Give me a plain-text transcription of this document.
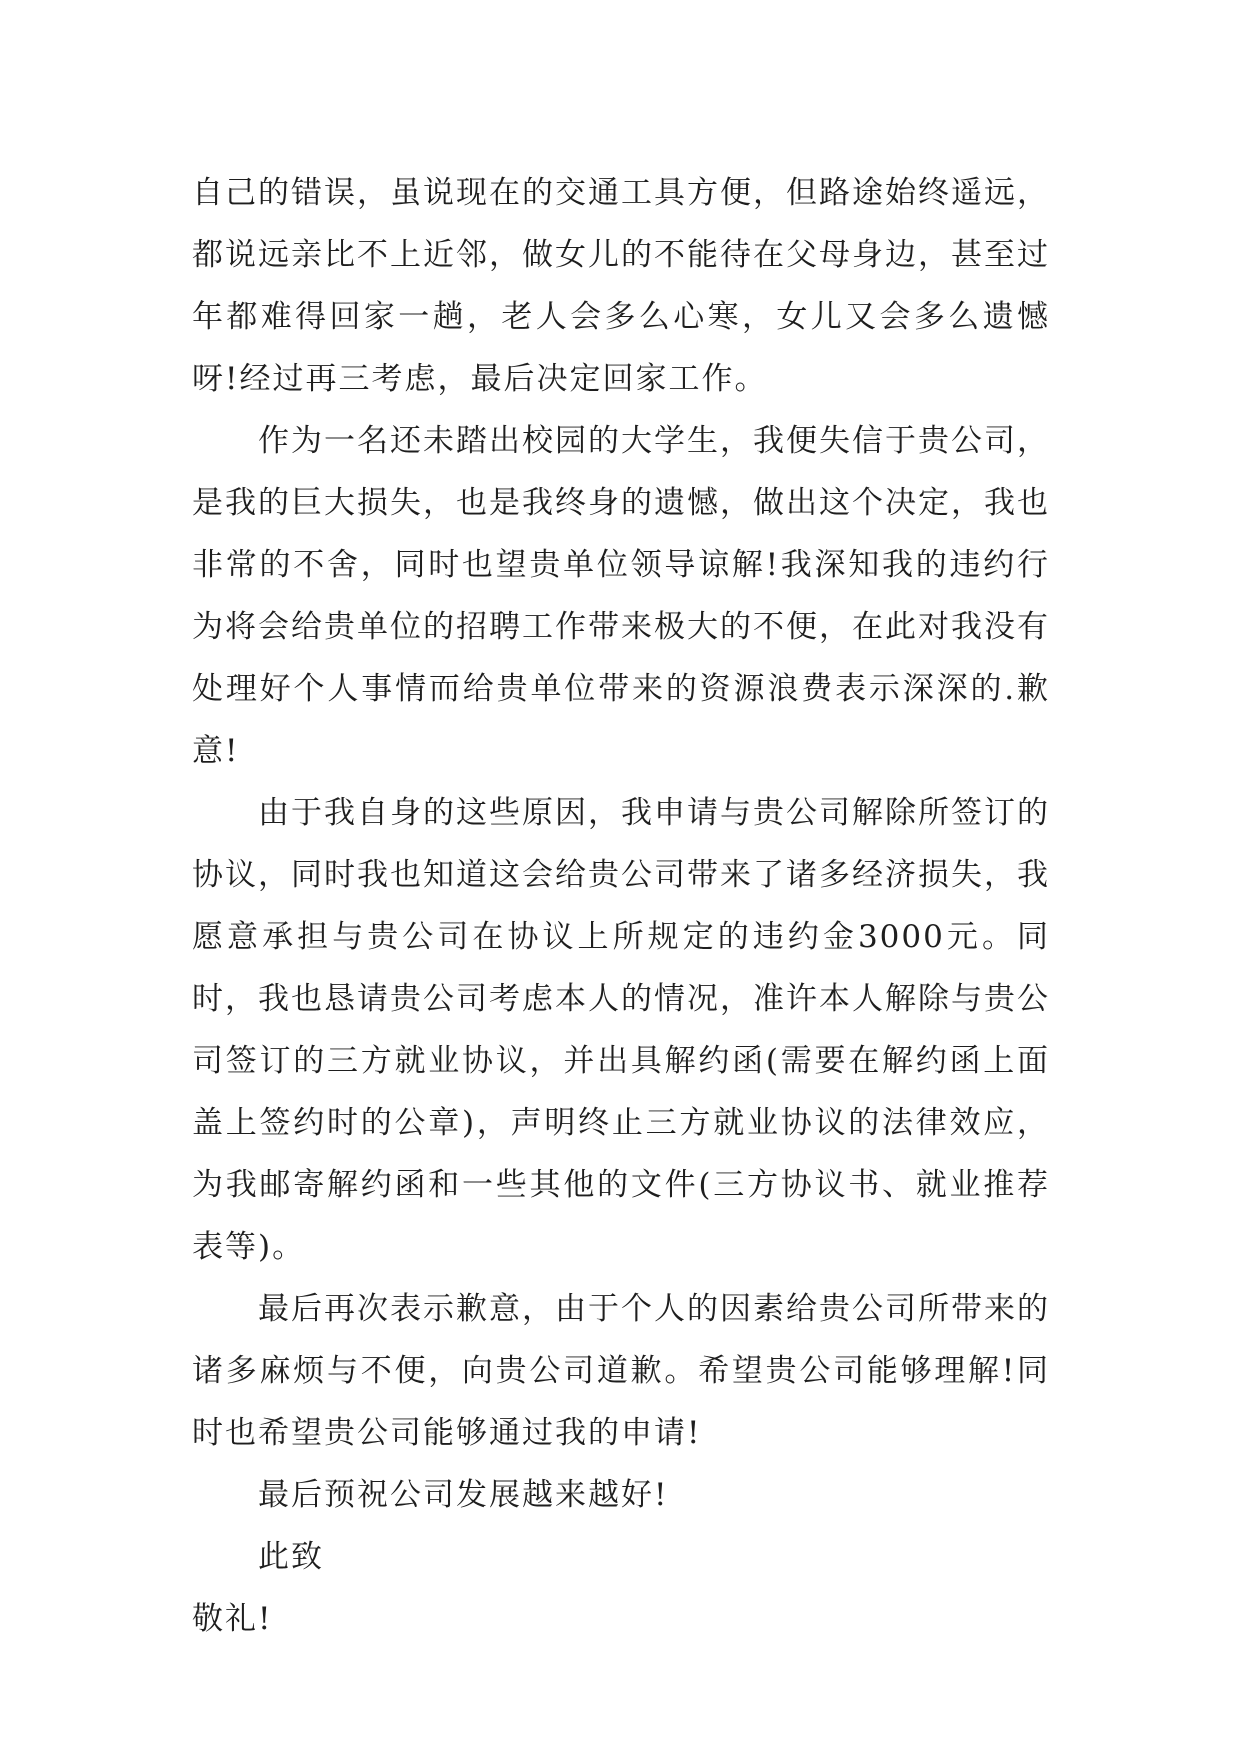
自己的错误，虽说现在的交通工具方便，但路途始终遥远，都说远亲比不上近邻，做女儿的不能待在父母身边，甚至过年都难得回家一趟，老人会多么心寒，女儿又会多么遗憾呀!经过再三考虑，最后决定回家工作。

作为一名还未踏出校园的大学生，我便失信于贵公司，是我的巨大损失，也是我终身的遗憾，做出这个决定，我也非常的不舍，同时也望贵单位领导谅解!我深知我的违约行为将会给贵单位的招聘工作带来极大的不便，在此对我没有处理好个人事情而给贵单位带来的资源浪费表示深深的.歉意!

由于我自身的这些原因，我申请与贵公司解除所签订的协议，同时我也知道这会给贵公司带来了诸多经济损失，我愿意承担与贵公司在协议上所规定的违约金3000元。同时，我也恳请贵公司考虑本人的情况，准许本人解除与贵公司签订的三方就业协议，并出具解约函(需要在解约函上面盖上签约时的公章)，声明终止三方就业协议的法律效应，为我邮寄解约函和一些其他的文件(三方协议书、就业推荐表等)。

最后再次表示歉意，由于个人的因素给贵公司所带来的诸多麻烦与不便，向贵公司道歉。希望贵公司能够理解!同时也希望贵公司能够通过我的申请!

最后预祝公司发展越来越好!

此致

敬礼!
